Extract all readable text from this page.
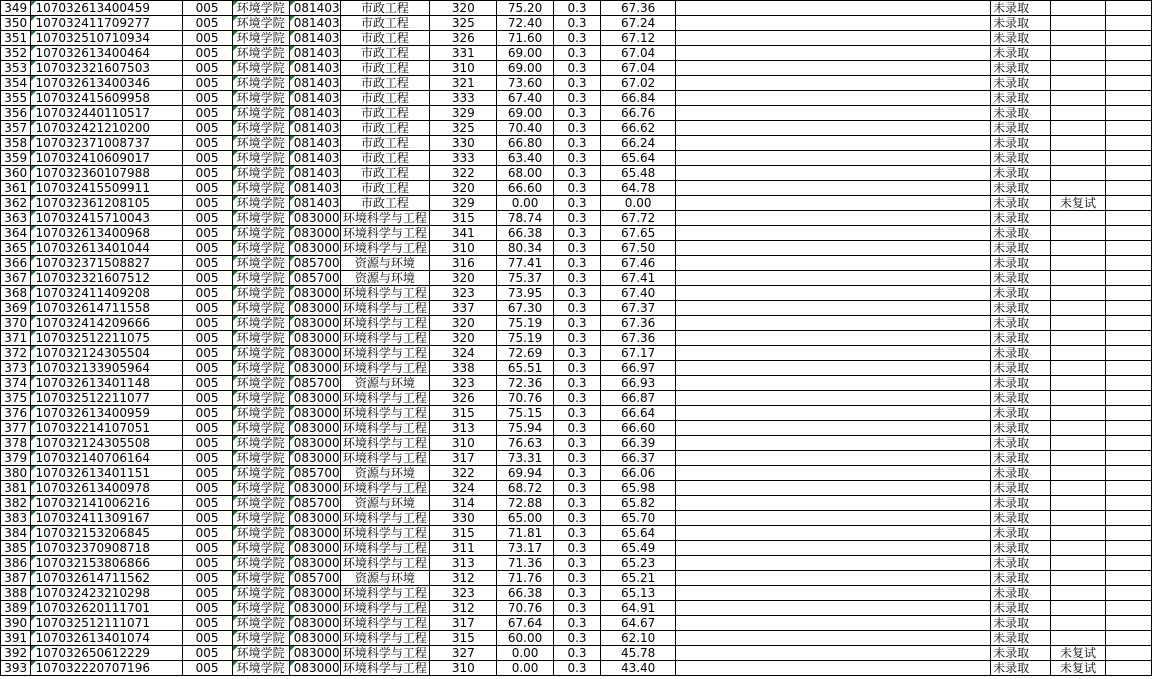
349	107032613400459	005	环境学院	081403	市政工程	320	75.20	0.3	67.36		未录取		
350	107032411709277	005	环境学院	081403	市政工程	325	72.40	0.3	67.24		未录取		
351	107032510710934	005	环境学院	081403	市政工程	326	71.60	0.3	67.12		未录取		
352	107032613400464	005	环境学院	081403	市政工程	331	69.00	0.3	67.04		未录取		
353	107032321607503	005	环境学院	081403	市政工程	310	69.00	0.3	67.04		未录取		
354	107032613400346	005	环境学院	081403	市政工程	321	73.60	0.3	67.02		未录取		
355	107032415609958	005	环境学院	081403	市政工程	333	67.40	0.3	66.84		未录取		
356	107032440110517	005	环境学院	081403	市政工程	329	69.00	0.3	66.76		未录取		
357	107032421210200	005	环境学院	081403	市政工程	325	70.40	0.3	66.62		未录取		
358	107032371008737	005	环境学院	081403	市政工程	330	66.80	0.3	66.24		未录取		
359	107032410609017	005	环境学院	081403	市政工程	333	63.40	0.3	65.64		未录取		
360	107032360107988	005	环境学院	081403	市政工程	322	68.00	0.3	65.48		未录取		
361	107032415509911	005	环境学院	081403	市政工程	320	66.60	0.3	64.78		未录取		
362	107032361208105	005	环境学院	081403	市政工程	329	0.00	0.3	0.00		未录取	未复试	
363	107032415710043	005	环境学院	083000	环境科学与工程	315	78.74	0.3	67.72		未录取		
364	107032613400968	005	环境学院	083000	环境科学与工程	341	66.38	0.3	67.65		未录取		
365	107032613401044	005	环境学院	083000	环境科学与工程	310	80.34	0.3	67.50		未录取		
366	107032371508827	005	环境学院	085700	资源与环境	316	77.41	0.3	67.46		未录取		
367	107032321607512	005	环境学院	085700	资源与环境	320	75.37	0.3	67.41		未录取		
368	107032411409208	005	环境学院	083000	环境科学与工程	323	73.95	0.3	67.40		未录取		
369	107032614711558	005	环境学院	083000	环境科学与工程	337	67.30	0.3	67.37		未录取		
370	107032414209666	005	环境学院	083000	环境科学与工程	320	75.19	0.3	67.36		未录取		
371	107032512211075	005	环境学院	083000	环境科学与工程	320	75.19	0.3	67.36		未录取		
372	107032124305504	005	环境学院	083000	环境科学与工程	324	72.69	0.3	67.17		未录取		
373	107032133905964	005	环境学院	083000	环境科学与工程	338	65.51	0.3	66.97		未录取		
374	107032613401148	005	环境学院	085700	资源与环境	323	72.36	0.3	66.93		未录取		
375	107032512211077	005	环境学院	083000	环境科学与工程	326	70.76	0.3	66.87		未录取		
376	107032613400959	005	环境学院	083000	环境科学与工程	315	75.15	0.3	66.64		未录取		
377	107032214107051	005	环境学院	083000	环境科学与工程	313	75.94	0.3	66.60		未录取		
378	107032124305508	005	环境学院	083000	环境科学与工程	310	76.63	0.3	66.39		未录取		
379	107032140706164	005	环境学院	083000	环境科学与工程	317	73.31	0.3	66.37		未录取		
380	107032613401151	005	环境学院	085700	资源与环境	322	69.94	0.3	66.06		未录取		
381	107032613400978	005	环境学院	083000	环境科学与工程	324	68.72	0.3	65.98		未录取		
382	107032141006216	005	环境学院	085700	资源与环境	314	72.88	0.3	65.82		未录取		
383	107032411309167	005	环境学院	083000	环境科学与工程	330	65.00	0.3	65.70		未录取		
384	107032153206845	005	环境学院	083000	环境科学与工程	315	71.81	0.3	65.64		未录取		
385	107032370908718	005	环境学院	083000	环境科学与工程	311	73.17	0.3	65.49		未录取		
386	107032153806866	005	环境学院	083000	环境科学与工程	313	71.36	0.3	65.23		未录取		
387	107032614711562	005	环境学院	085700	资源与环境	312	71.76	0.3	65.21		未录取		
388	107032423210298	005	环境学院	083000	环境科学与工程	323	66.38	0.3	65.13		未录取		
389	107032620111701	005	环境学院	083000	环境科学与工程	312	70.76	0.3	64.91		未录取		
390	107032512111071	005	环境学院	083000	环境科学与工程	317	67.64	0.3	64.67		未录取		
391	107032613401074	005	环境学院	083000	环境科学与工程	315	60.00	0.3	62.10		未录取		
392	107032650612229	005	环境学院	083000	环境科学与工程	327	0.00	0.3	45.78		未录取	未复试	
393	107032220707196	005	环境学院	083000	环境科学与工程	310	0.00	0.3	43.40		未录取	未复试	
